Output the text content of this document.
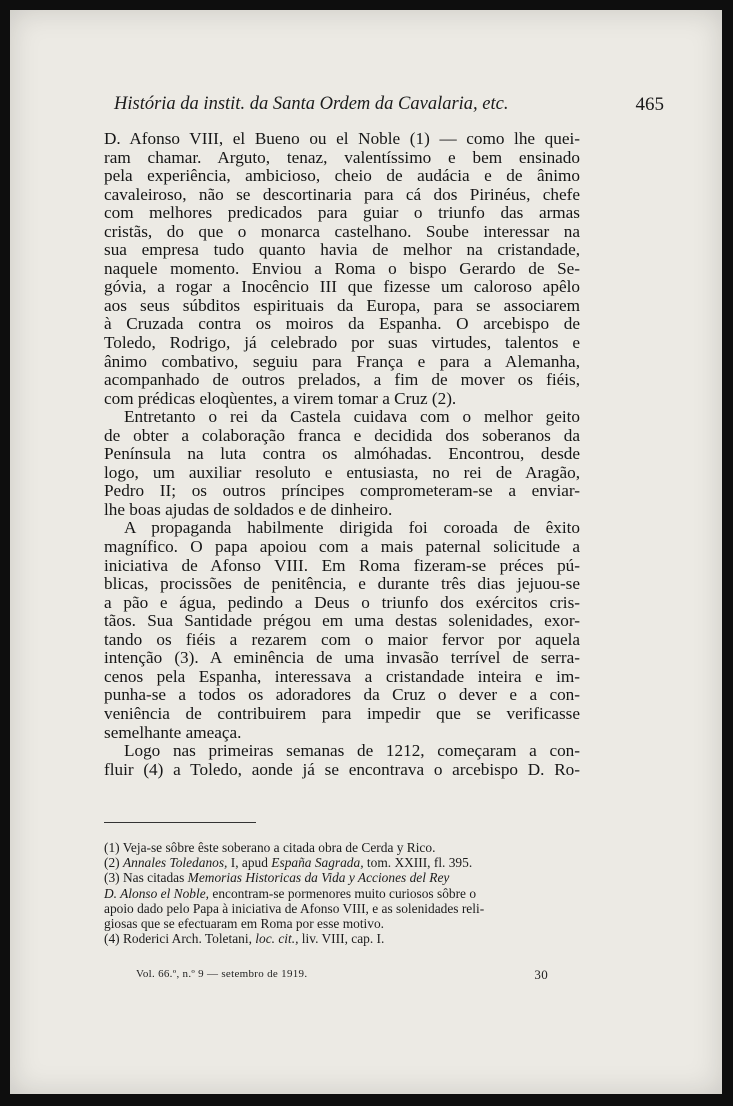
História da instit. da Santa Ordem da Cavalaria, etc.	465
D. Afonso VIII, el Bueno ou el Noble (1) — como lhe quei-
ram chamar. Arguto, tenaz, valentíssimo e bem ensinado
pela experiência, ambicioso, cheio de audácia e de ânimo
cavaleiroso, não se descortinaria para cá dos Pirinéus, chefe
com melhores predicados para guiar o triunfo das armas
cristãs, do que o monarca castelhano. Soube interessar na
sua empresa tudo quanto havia de melhor na cristandade,
naquele momento. Enviou a Roma o bispo Gerardo de Se-
góvia, a rogar a Inocêncio III que fizesse um caloroso apêlo
aos seus súbditos espirituais da Europa, para se associarem
à Cruzada contra os moiros da Espanha. O arcebispo de
Toledo, Rodrigo, já celebrado por suas virtudes, talentos e
ânimo combativo, seguiu para França e para a Alemanha,
acompanhado de outros prelados, a fim de mover os fiéis,
com prédicas eloqùentes, a virem tomar a Cruz (2).
Entretanto o rei da Castela cuidava com o melhor geito
de obter a colaboração franca e decidida dos soberanos da
Península na luta contra os almóhadas. Encontrou, desde
logo, um auxiliar resoluto e entusiasta, no rei de Aragão,
Pedro II; os outros príncipes comprometeram-se a enviar-
lhe boas ajudas de soldados e de dinheiro.
A propaganda habilmente dirigida foi coroada de êxito
magnífico. O papa apoiou com a mais paternal solicitude a
iniciativa de Afonso VIII. Em Roma fizeram-se préces pú-
blicas, procissões de penitência, e durante três dias jejuou-se
a pão e água, pedindo a Deus o triunfo dos exércitos cris-
tãos. Sua Santidade prégou em uma destas solenidades, exor-
tando os fiéis a rezarem com o maior fervor por aquela
intenção (3). A eminência de uma invasão terrível de serra-
cenos pela Espanha, interessava a cristandade inteira e im-
punha-se a todos os adoradores da Cruz o dever e a con-
veniência de contribuirem para impedir que se verificasse
semelhante ameaça.
Logo nas primeiras semanas de 1212, começaram a con-
fluir (4) a Toledo, aonde já se encontrava o arcebispo D. Ro-
(1) Veja-se sôbre êste soberano a citada obra de Cerda y Rico.
(2) Annales Toledanos, I, apud España Sagrada, tom. XXIII, fl. 395.
(3) Nas citadas Memorias Historicas da Vida y Acciones del Rey
D. Alonso el Noble, encontram-se pormenores muito curiosos sôbre o
apoio dado pelo Papa à iniciativa de Afonso VIII, e as solenidades reli-
giosas que se efectuaram em Roma por esse motivo.
(4) Roderici Arch. Toletani, loc. cit., liv. VIII, cap. I.
Vol. 66.º, n.º 9 — setembro de 1919.	30
